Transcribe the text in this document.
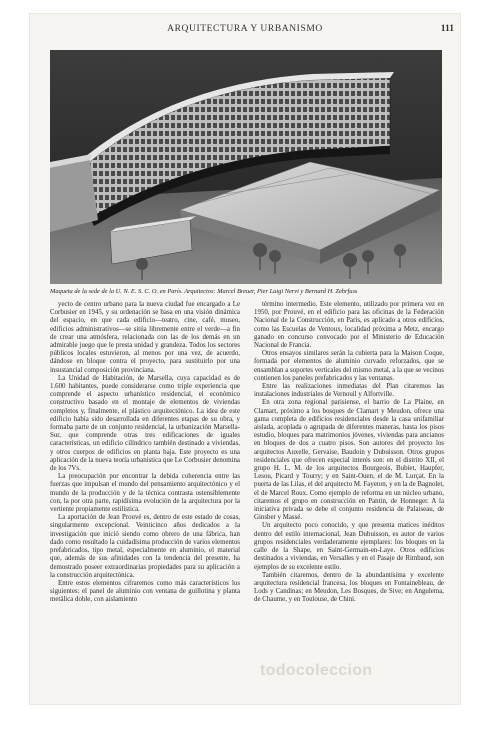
ARQUITECTURA Y URBANISMO	111
Maqueta de la sede de la U. N. E. S. C. O. en París. Arquitectos: Marcel Breuer, Pier Luigi Nervi y Bernard H. Zehrfuss

yecto de centro urbano para la nueva ciudad fue encargado a Le Corbusier en 1945, y su ordenación se basa en una visión dinámica del espacio, en que cada edificio—teatro, cine, café, museo, edificios administrativos—se sitúa libremente entre el verde—a fin de crear una atmósfera, relacionada con las de los demás en un admirable juego que le presta unidad y grandeza. Todos los sectores públicos locales estuvieron, al menos por una vez, de acuerdo, dándose en bloque contra el proyecto, para sustituirlo por una insustancial composición provinciana.

La Unidad de Habitación, de Marsella, cuya capacidad es de 1.600 habitantes, puede considerarse como triple experiencia que comprende el aspecto urbanístico residencial, el económico constructivo basado en el montaje de elementos de viviendas completos y, finalmente, el plástico arquitectónico. La idea de este edificio había sido desarrollada en diferentes etapas de su obra, y formaba parte de un conjunto residencial, la urbanización Marsella-Sur, que comprende otras tres edificaciones de iguales características, un edificio cilíndrico también destinado a viviendas, y otros cuerpos de edificios en planta baja. Este proyecto es una aplicación de la nueva teoría urbanística que Le Corbusier denomina de los 7Vs.

La preocupación por encontrar la debida coherencia entre las fuerzas que impulsan el mundo del pensamiento arquitectónico y el mundo de la producción y de la técnica contrasta ostensiblemente con, la por otra parte, rapidísima evolución de la arquitectura por la vertiente propiamente estilística.

La aportación de Jean Prouvé es, dentro de este estado de cosas, singularmente excepcional. Veinticinco años dedicados a la investigación que inició siendo como obrero de una fábrica, han dado como resultado la cuidadísima producción de varios elementos prefabricados, tipo metal, especialmente en aluminio, el material que, además de sus afinidades con la tendencia del presente, ha demostrado poseer extraordinarias propiedades para su aplicación a la construcción arquitectónica.

Entre estos elementos cifraremos como más característicos los siguientes: el panel de aluminio con ventana de guillotina y planta metálica doble, con aislamiento

término intermedio. Este elemento, utilizado por primera vez en 1950, por Prouvé, en el edificio para las oficinas de la Federación Nacional de la Construcción, en París, es aplicado a otros edificios, como las Escuelas de Ventoux, localidad próxima a Metz, encargo ganado en concurso convocado por el Ministerio de Educación Nacional de Francia.

Otros ensayos similares serán la cubierta para la Maison Coque, formada por elementos de aluminio curvado reforzados, que se ensamblan a soportes verticales del mismo metal, a la que se vecinos contienen los paneles prefabricados y las ventanas.

Entre las realizaciones inmediatas del Plan citaremos las instalaciones industriales de Vernouil y Alfortville.

En otra zona regional parisiense, el barrio de La Plaine, en Clamart, próximo a los bosques de Clamart y Meudon, ofrece una gama completa de edificios residenciales desde la casa unifamiliar aislada, acoplada o agrupada de diferentes maneras, hasta los pisos estudio, bloques para matrimonios jóvenes, viviendas para ancianos en bloques de dos a cuatro pisos. Son autores del proyecto los arquitectos Auxelle, Gervaise, Baudoin y Dubuisson. Otros grupos residenciales que ofrecen especial interés son: en el distrito XII, el grupo H. L. M. de los arquitectos Bourgeois, Bubiet, Haupfer, Lesou, Picard y Tourry; y en Saint-Ouen, el de M. Lurçat. En la puerta de las Lilas, el del arquitecto M. Fayeton, y en la de Bagnolet, el de Marcel Roux. Como ejemplo de reforma en un núcleo urbano, citaremos el grupo en construcción en Pantin, de Honneger. A la iniciativa privada se debe el conjunto residencia de Palaiseau, de Ginsber y Massé.

Un arquitecto poco conocido, y que presenta matices inéditos dentro del estilo internacional, Jean Dubuisson, es autor de varios grupos residenciales verdaderamente ejemplares: los bloques en la calle de la Shape, en Saint-Germain-en-Laye. Otros edificios destinados a viviendas, en Versalles y en el Pasaje de Rimbaud, son ejemplos de su excelente estilo.

También citaremos, dentro de la abundantísima y excelente arquitectura residencial francesa, los bloques en Fontainebleau, de Lods y Candinas; en Meudon, Les Bosques, de Sive; en Angulema, de Chaume, y en Toulouse, de Chini.

todocoleccion
